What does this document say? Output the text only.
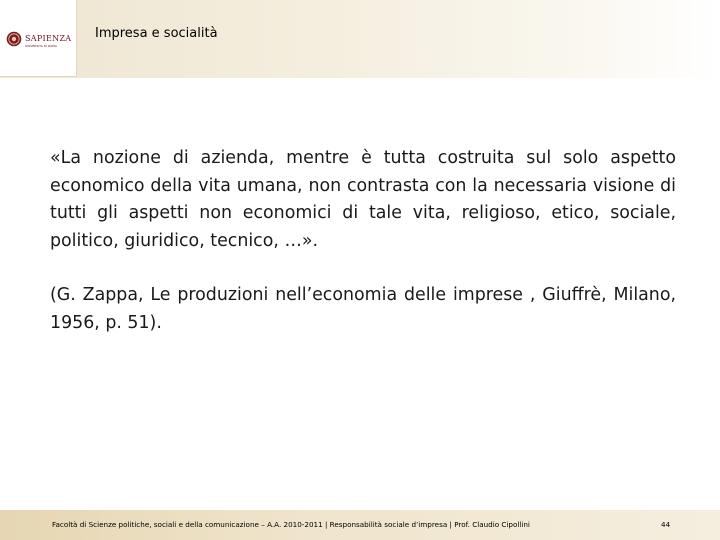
SAPIENZA
UNIVERSITÀ DI ROMA
Impresa e socialità

«La nozione di azienda, mentre è tutta costruita sul solo aspetto economico della vita umana, non contrasta con la necessaria visione di tutti gli aspetti non economici di tale vita, religioso, etico, sociale, politico, giuridico, tecnico, …».

(G. Zappa, Le produzioni nell’economia delle imprese , Giuffrè, Milano, 1956, p. 51).

Facoltà di Scienze politiche, sociali e della comunicazione – A.A. 2010-2011 | Responsabilità sociale d’impresa | Prof. Claudio Cipollini	44
